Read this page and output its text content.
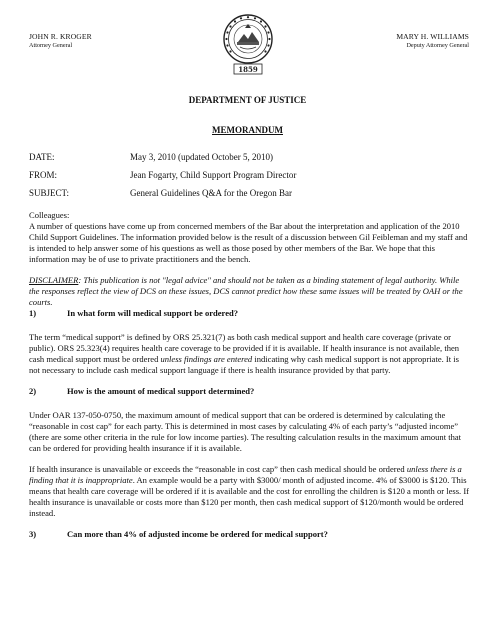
JOHN R. KROGER
Attorney General
1859
MARY H. WILLIAMS
Deputy Attorney General
DEPARTMENT OF JUSTICE
MEMORANDUM
DATE:	May 3, 2010 (updated October 5, 2010)
FROM:	Jean Fogarty, Child Support Program Director
SUBJECT:	General Guidelines Q&A for the Oregon Bar

Colleagues:

A number of questions have come up from concerned members of the Bar about the interpretation and application of the 2010 Child Support Guidelines. The information provided below is the result of a discussion between Gil Feibleman and my staff and is intended to help answer some of his questions as well as those posed by other members of the Bar. We hope that this information may be of use to private practitioners and the bench.

DISCLAIMER: This publication is not "legal advice" and should not be taken as a binding statement of legal authority. While the responses reflect the view of DCS on these issues, DCS cannot predict how these same issues will be treated by OAH or the courts.

1)	In what form will medical support be ordered?

The term “medical support” is defined by ORS 25.321(7) as both cash medical support and health care coverage (private or public). ORS 25.323(4) requires health care coverage to be provided if it is available. If health insurance is not available, then cash medical support must be ordered unless findings are entered indicating why cash medical support is not appropriate. It is not necessary to include cash medical support language if there is health insurance provided by that party.

2)	How is the amount of medical support determined?

Under OAR 137-050-0750, the maximum amount of medical support that can be ordered is determined by calculating the “reasonable in cost cap” for each party. This is determined in most cases by calculating 4% of each party’s “adjusted income” (there are some other criteria in the rule for low income parties). The resulting calculation results in the maximum amount that can be ordered for providing health insurance if it is available.

If health insurance is unavailable or exceeds the “reasonable in cost cap” then cash medical should be ordered unless there is a finding that it is inappropriate. An example would be a party with $3000/ month of adjusted income. 4% of $3000 is $120. This means that health care coverage will be ordered if it is available and the cost for enrolling the children is $120 a month or less. If health insurance is unavailable or costs more than $120 per month, then cash medical support of $120/month would be ordered instead.

3)	Can more than 4% of adjusted income be ordered for medical support?
